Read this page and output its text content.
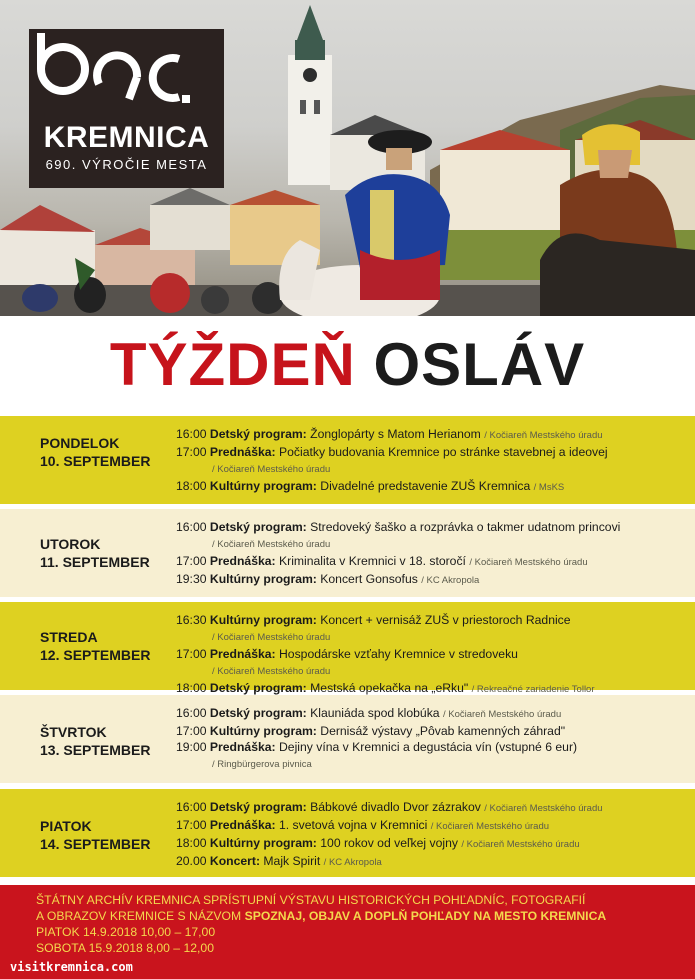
KREMNICA
690. VÝROČIE MESTA
TÝŽDEŇ OSLÁV
PONDELOK
10. SEPTEMBER
16:00 Detský program: Žonglopárty s Matom Herianom / Kočiareň Mestského úradu
17:00 Prednáška: Počiatky budovania Kremnice po stránke stavebnej a ideovej
/ Kočiareň Mestského úradu
18:00 Kultúrny program: Divadelné predstavenie ZUŠ Kremnica / MsKS
UTOROK
11. SEPTEMBER
16:00 Detský program: Stredoveký šaško a rozprávka o takmer udatnom princovi
/ Kočiareň Mestského úradu
17:00 Prednáška: Kriminalita v Kremnici v 18. storočí / Kočiareň Mestského úradu
19:30 Kultúrny program: Koncert Gonsofus / KC Akropola
STREDA
12. SEPTEMBER
16:30 Kultúrny program: Koncert + vernisáž ZUŠ v priestoroch Radnice
/ Kočiareň Mestského úradu
17:00 Prednáška: Hospodárske vzťahy Kremnice v stredoveku
/ Kočiareň Mestského úradu
18:00 Detský program: Mestská opekačka na „eRku" / Rekreačné zariadenie Tollor
ŠTVRTOK
13. SEPTEMBER
16:00 Detský program: Klauniáda spod klobúka / Kočiareň Mestského úradu
17:00 Kultúrny program: Dernisáž výstavy „Pôvab kamenných záhrad"
19:00 Prednáška: Dejiny vína v Kremnici a degustácia vín (vstupné 6 eur)
/ Ringbürgerova pivnica
PIATOK
14. SEPTEMBER
16:00 Detský program: Bábkové divadlo Dvor zázrakov / Kočiareň Mestského úradu
17:00 Prednáška: 1. svetová vojna v Kremnici / Kočiareň Mestského úradu
18:00 Kultúrny program: 100 rokov od veľkej vojny / Kočiareň Mestského úradu
20.00 Koncert: Majk Spirit / KC Akropola
ŠTÁTNY ARCHÍV KREMNICA SPRÍSTUPNÍ VÝSTAVU HISTORICKÝCH POHĽADNÍC, FOTOGRAFIÍ
A OBRAZOV KREMNICE S NÁZVOM SPOZNAJ, OBJAV A DOPLŇ POHĽADY NA MESTO KREMNICA
PIATOK 14.9.2018 10,00 – 17,00
SOBOTA 15.9.2018 8,00 – 12,00
visitkremnica.com
